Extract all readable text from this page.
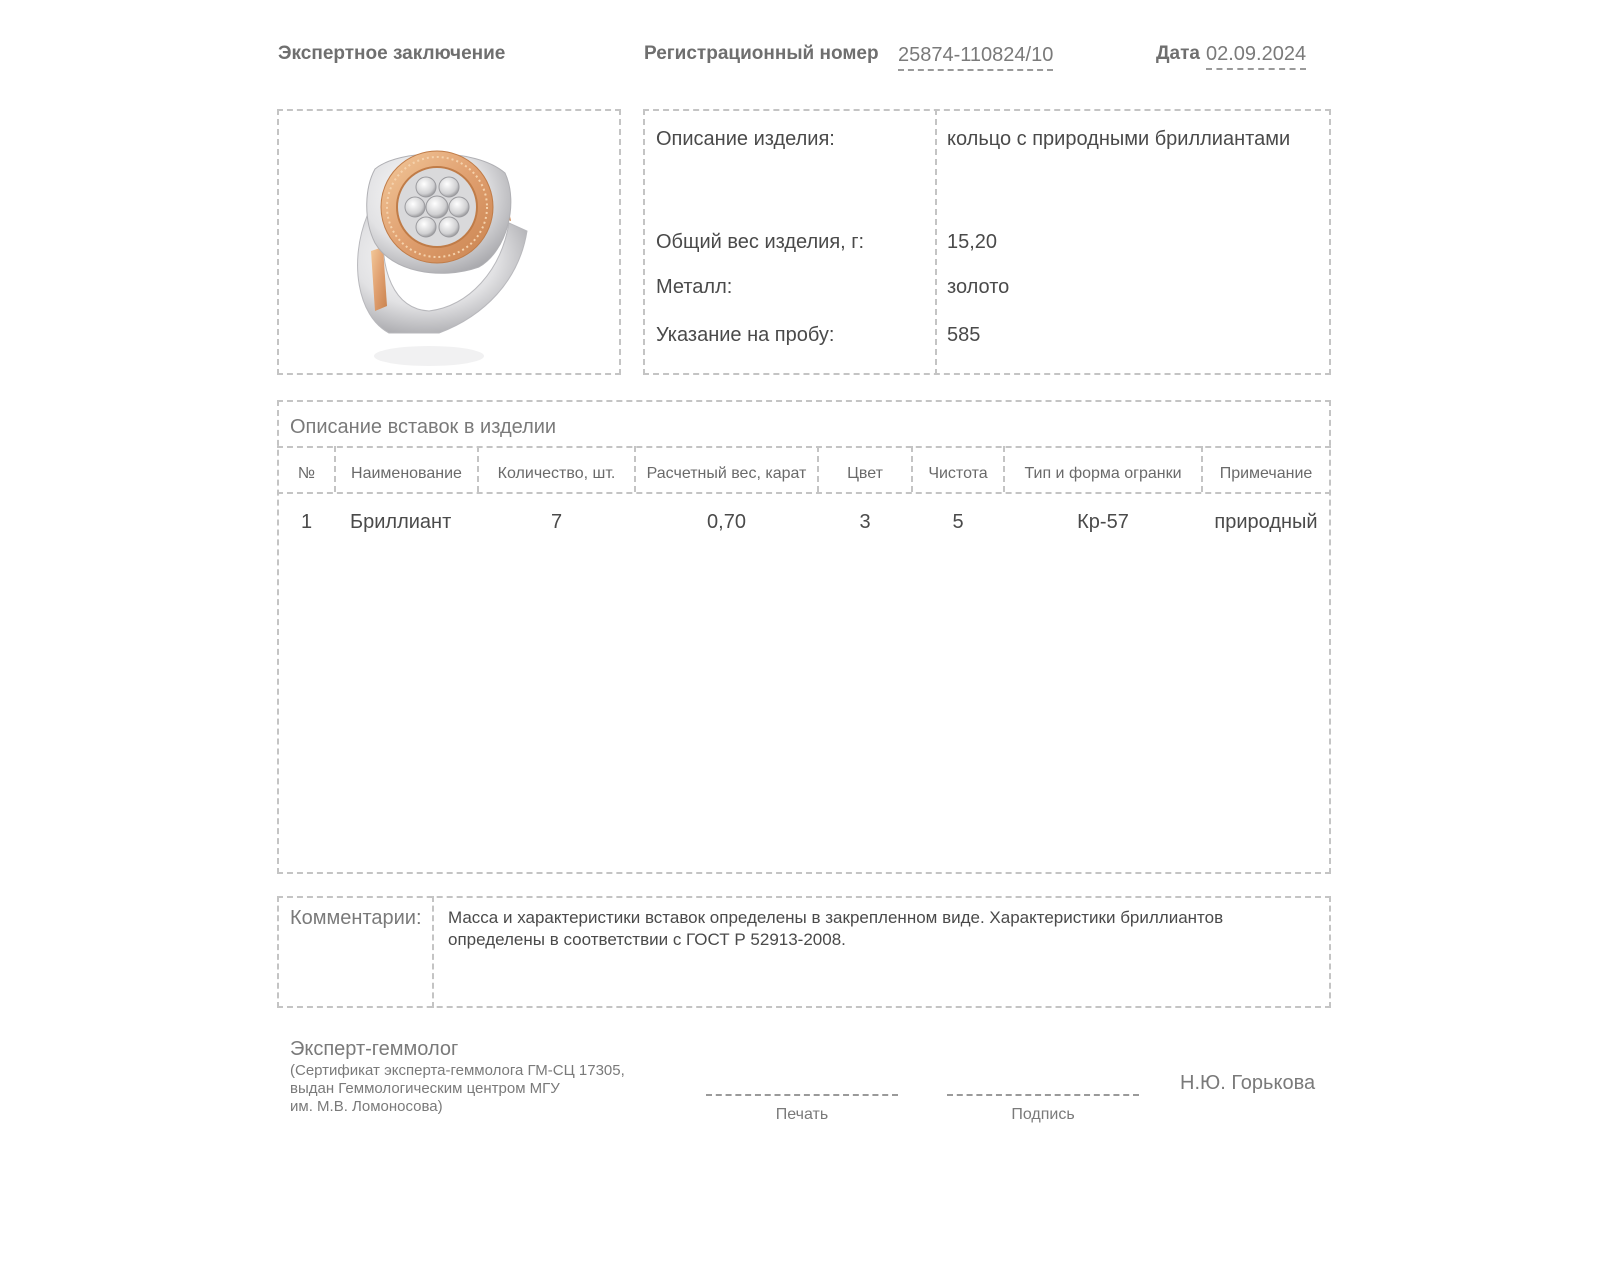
Экспертное заключение	Регистрационный номер 25874-110824/10	Дата 02.09.2024
Описание изделия:	кольцо с природными бриллиантами
Общий вес изделия, г:	15,20
Металл:	золото
Указание на пробу:	585
Описание вставок в изделии
№	Наименование	Количество, шт.	Расчетный вес, карат	Цвет	Чистота	Тип и форма огранки	Примечание
1	Бриллиант	7	0,70	3	5	Кр-57	природный
Комментарии: Масса и характеристики вставок определены в закрепленном виде. Характеристики бриллиантов определены в соответствии с ГОСТ Р 52913-2008.
Эксперт-геммолог
(Сертификат эксперта-геммолога ГМ-СЦ 17305,
выдан Геммологическим центром МГУ
им. М.В. Ломоносова)	Печать	Подпись
Н.Ю. Горькова
